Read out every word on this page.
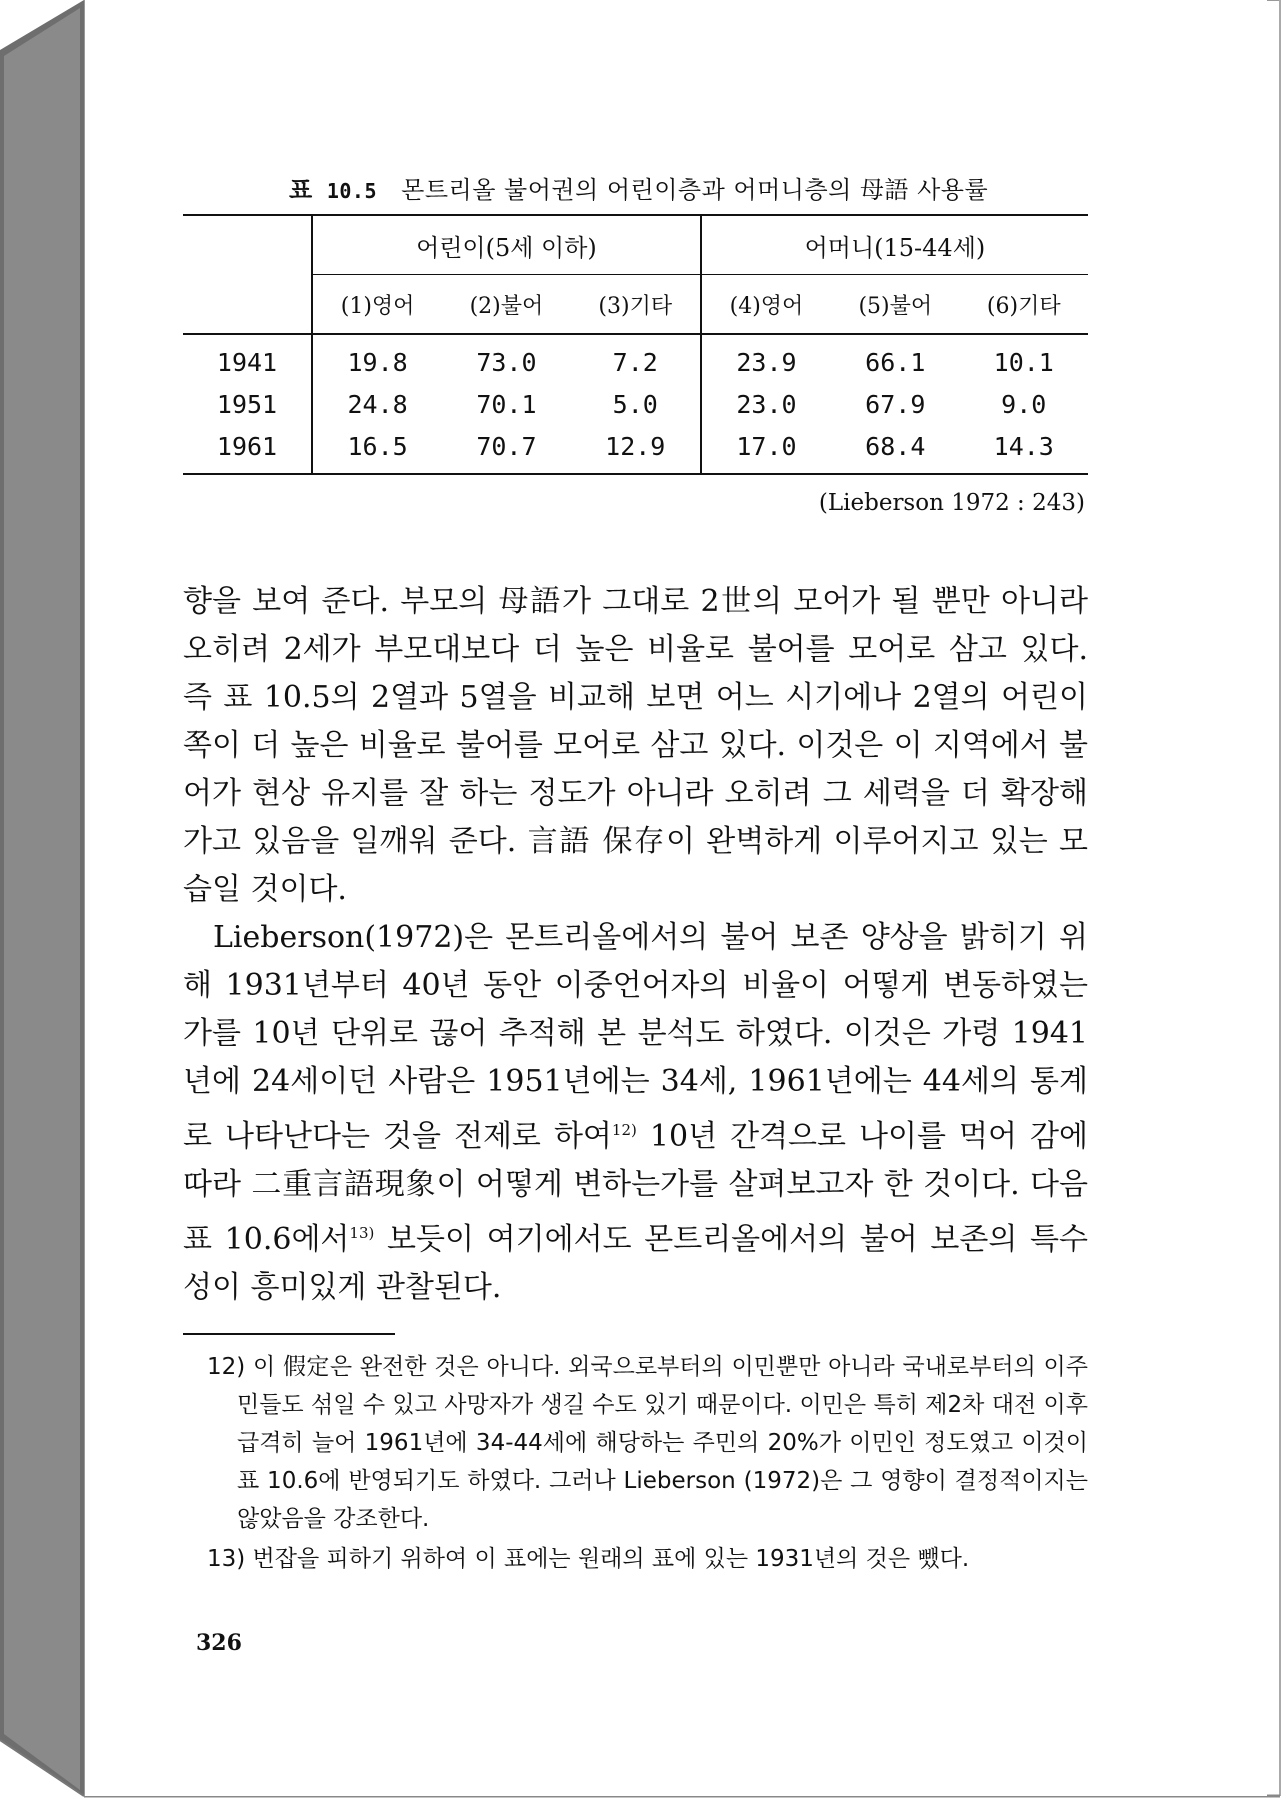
표 10.5 몬트리올 불어권의 어린이층과 어머니층의 母語 사용률
	어린이(5세 이하)			어머니(15-44세)		
	(1)영어	(2)불어	(3)기타	(4)영어	(5)불어	(6)기타
1941	19.8	73.0	7.2	23.9	66.1	10.1
1951	24.8	70.1	5.0	23.0	67.9	9.0
1961	16.5	70.7	12.9	17.0	68.4	14.3
(Lieberson 1972 : 243)

향을 보여 준다. 부모의 母語가 그대로 2世의 모어가 될 뿐만 아니라 오히려 2세가 부모대보다 더 높은 비율로 불어를 모어로 삼고 있다. 즉 표 10.5의 2열과 5열을 비교해 보면 어느 시기에나 2열의 어린이 쪽이 더 높은 비율로 불어를 모어로 삼고 있다. 이것은 이 지역에서 불어가 현상 유지를 잘 하는 정도가 아니라 오히려 그 세력을 더 확장해 가고 있음을 일깨워 준다. 言語 保存이 완벽하게 이루어지고 있는 모습일 것이다.

Lieberson(1972)은 몬트리올에서의 불어 보존 양상을 밝히기 위해 1931년부터 40년 동안 이중언어자의 비율이 어떻게 변동하였는가를 10년 단위로 끊어 추적해 본 분석도 하였다. 이것은 가령 1941년에 24세이던 사람은 1951년에는 34세, 1961년에는 44세의 통계로 나타난다는 것을 전제로 하여$^{12)}$ 10년 간격으로 나이를 먹어 감에 따라 二重言語現象이 어떻게 변하는가를 살펴보고자 한 것이다. 다음 표 10.6에서$^{13)}$ 보듯이 여기에서도 몬트리올에서의 불어 보존의 특수성이 흥미있게 관찰된다.

12) 이 假定은 완전한 것은 아니다. 외국으로부터의 이민뿐만 아니라 국내로부터의 이주민들도 섞일 수 있고 사망자가 생길 수도 있기 때문이다. 이민은 특히 제2차 대전 이후 급격히 늘어 1961년에 34-44세에 해당하는 주민의 20%가 이민인 정도였고 이것이 표 10.6에 반영되기도 하였다. 그러나 Lieberson (1972)은 그 영향이 결정적이지는 않았음을 강조한다.

13) 번잡을 피하기 위하여 이 표에는 원래의 표에 있는 1931년의 것은 뺐다.

326
